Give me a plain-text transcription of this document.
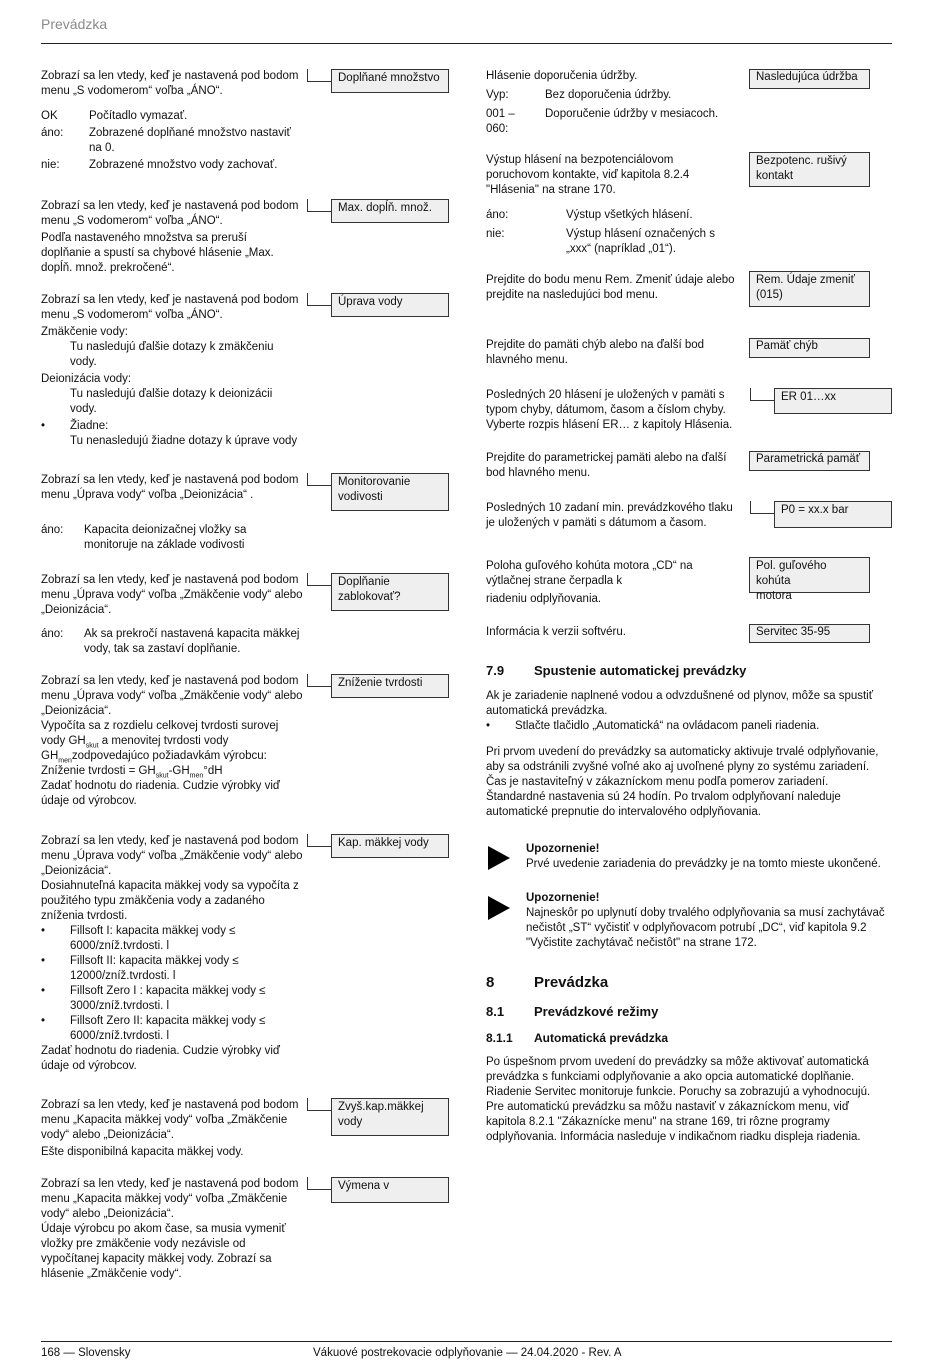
Prevádzka

Zobrazí sa len vtedy, keď je nastavená pod bodom menu „S vodomerom“ voľba „ÁNO“.

OK	Počítadlo vymazať.
áno:	Zobrazené doplňané množstvo nastaviť na 0.
nie:	Zobrazené množstvo vody zachovať.
Doplňané množstvo

Zobrazí sa len vtedy, keď je nastavená pod bodom menu „S vodomerom“ voľba „ÁNO“.

Podľa nastaveného množstva sa preruší doplňanie a spustí sa chybové hlásenie „Max. dopĺň. množ. prekročené“.

Max. dopĺň. množ.

Zobrazí sa len vtedy, keď je nastavená pod bodom menu „S vodomerom“ voľba „ÁNO“.

Zmäkčenie vody:

Tu nasledujú ďalšie dotazy k zmäkčeniu vody.

Deionizácia vody:

Tu nasledujú ďalšie dotazy k deionizácii vody.

•	Žiadne:

Tu nenasledujú žiadne dotazy k úprave vody

Úprava vody

Zobrazí sa len vtedy, keď je nastavená pod bodom menu „Úprava vody“ voľba „Deionizácia“ .

áno:	Kapacita deionizačnej vložky sa monitoruje na základe vodivosti
Monitorovanie
vodivosti

Zobrazí sa len vtedy, keď je nastavená pod bodom menu „Úprava vody“ voľba „Zmäkčenie vody“ alebo „Deionizácia“.

áno:	Ak sa prekročí nastavená kapacita mäkkej vody, tak sa zastaví doplňanie.
Doplňanie
zablokovať?

Zobrazí sa len vtedy, keď je nastavená pod bodom menu „Úprava vody“ voľba „Zmäkčenie vody“ alebo „Deionizácia“.

Vypočíta sa z rozdielu celkovej tvrdosti surovej vody $GH_{skut}$ a menovitej tvrdosti vody

$GH_{men}zodpovedajúco$ požiadavkám výrobcu:

Zníženie tvrdosti = $GH_{skut}-GH_{men}^\circ dH$

Zadať hodnotu do riadenia. Cudzie výrobky viď údaje od výrobcov.

Zníženie tvrdosti

Zobrazí sa len vtedy, keď je nastavená pod bodom menu „Úprava vody“ voľba „Zmäkčenie vody“ alebo „Deionizácia“.

Dosiahnuteľná kapacita mäkkej vody sa vypočíta z použitého typu zmäkčenia vody a zadaného zníženia tvrdosti.

•	Fillsoft I: kapacita mäkkej vody ≤ 6000/zníž.tvrdosti. l
•	Fillsoft II: kapacita mäkkej vody ≤ 12000/zníž.tvrdosti. l
•	Fillsoft Zero I : kapacita mäkkej vody ≤ 3000/zníž.tvrdosti. l
•	Fillsoft Zero II: kapacita mäkkej vody ≤ 6000/zníž.tvrdosti. l

Zadať hodnotu do riadenia. Cudzie výrobky viď údaje od výrobcov.

Kap. mäkkej vody

Zobrazí sa len vtedy, keď je nastavená pod bodom menu „Kapacita mäkkej vody“ voľba „Zmäkčenie vody“ alebo „Deionizácia“.

Ešte disponibilná kapacita mäkkej vody.

Zvyš.kap.mäkkej
vody

Zobrazí sa len vtedy, keď je nastavená pod bodom menu „Kapacita mäkkej vody“ voľba „Zmäkčenie vody“ alebo „Deionizácia“.

Údaje výrobcu po akom čase, sa musia vymeniť vložky pre zmäkčenie vody nezávisle od vypočítanej kapacity mäkkej vody. Zobrazí sa hlásenie „Zmäkčenie vody“.

Výmena v

Hlásenie doporučenia údržby.

Vyp:	Bez doporučenia údržby.
001 – 060:
Doporučenie údržby v mesiacoch.
Nasledujúca údržba

Výstup hlásení na bezpotenciálovom poruchovom kontakte, viď kapitola 8.2.4 "Hlásenia" na strane 170.

áno:	Výstup všetkých hlásení.
nie:	Výstup hlásení označených s „xxx“ (napríklad „01“).
Bezpotenc. rušivý
kontakt

Prejdite do bodu menu Rem. Zmeniť údaje alebo prejdite na nasledujúci bod menu.

Rem. Údaje zmeniť
(015)

Prejdite do pamäti chýb alebo na ďalší bod hlavného menu.

Pamäť chýb

Posledných 20 hlásení je uložených v pamäti s typom chyby, dátumom, časom a číslom chyby. Vyberte rozpis hlásení ER… z kapitoly Hlásenia.

ER 01…xx

Prejdite do parametrickej pamäti alebo na ďalší bod hlavného menu.

Parametrická pamäť

Posledných 10 zadaní min. prevádzkového tlaku je uložených v pamäti s dátumom a časom.

P0 = xx.x bar

Poloha guľového kohúta motora „CD“ na výtlačnej strane čerpadla k

riadeniu odplyňovania.

Pol. guľového kohúta
motora

Informácia k verzii softvéru.	Servitec 35-95
7.9 Spustenie automatickej prevádzky

Ak je zariadenie naplnené vodou a odvzdušnené od plynov, môže sa spustiť automatická prevádzka.

•	Stlačte tlačidlo „Automatická“ na ovládacom paneli riadenia.

Pri prvom uvedení do prevádzky sa automaticky aktivuje trvalé odplyňovanie, aby sa odstránili zvyšné voľné ako aj uvoľnené plyny zo systému zariadení. Čas je nastaviteľný v zákazníckom menu podľa pomerov zariadení. Štandardné nastavenia sú 24 hodín. Po trvalom odplyňovaní naleduje automatické prepnutie do intervalového odplyňovania.

Upozornenie!
Prvé uvedenie zariadenia do prevádzky je na tomto mieste ukončené.
Upozornenie!
Najneskôr po uplynutí doby trvalého odplyňovania sa musí zachytávač nečistôt „ST“ vyčistiť v odplyňovacom potrubí „DC“, viď kapitola 9.2 "Vyčistite zachytávač nečistôt" na strane 172.
8	Prevádzka
8.1 Prevádzkové režimy
8.1.1 Automatická prevádzka

Po úspešnom prvom uvedení do prevádzky sa môže aktivovať automatická prevádzka s funkciami odplyňovanie a ako opcia automatické doplňanie. Riadenie Servitec monitoruje funkcie. Poruchy sa zobrazujú a vyhodnocujú. Pre automatickú prevádzku sa môžu nastaviť v zákazníckom menu, viď kapitola 8.2.1 "Zákaznícke menu" na strane 169, tri rôzne programy odplyňovania. Informácia nasleduje v indikačnom riadku displeja riadenia.

168 — Slovensky	Vákuové postrekovacie odplyňovanie — 24.04.2020 - Rev. A
